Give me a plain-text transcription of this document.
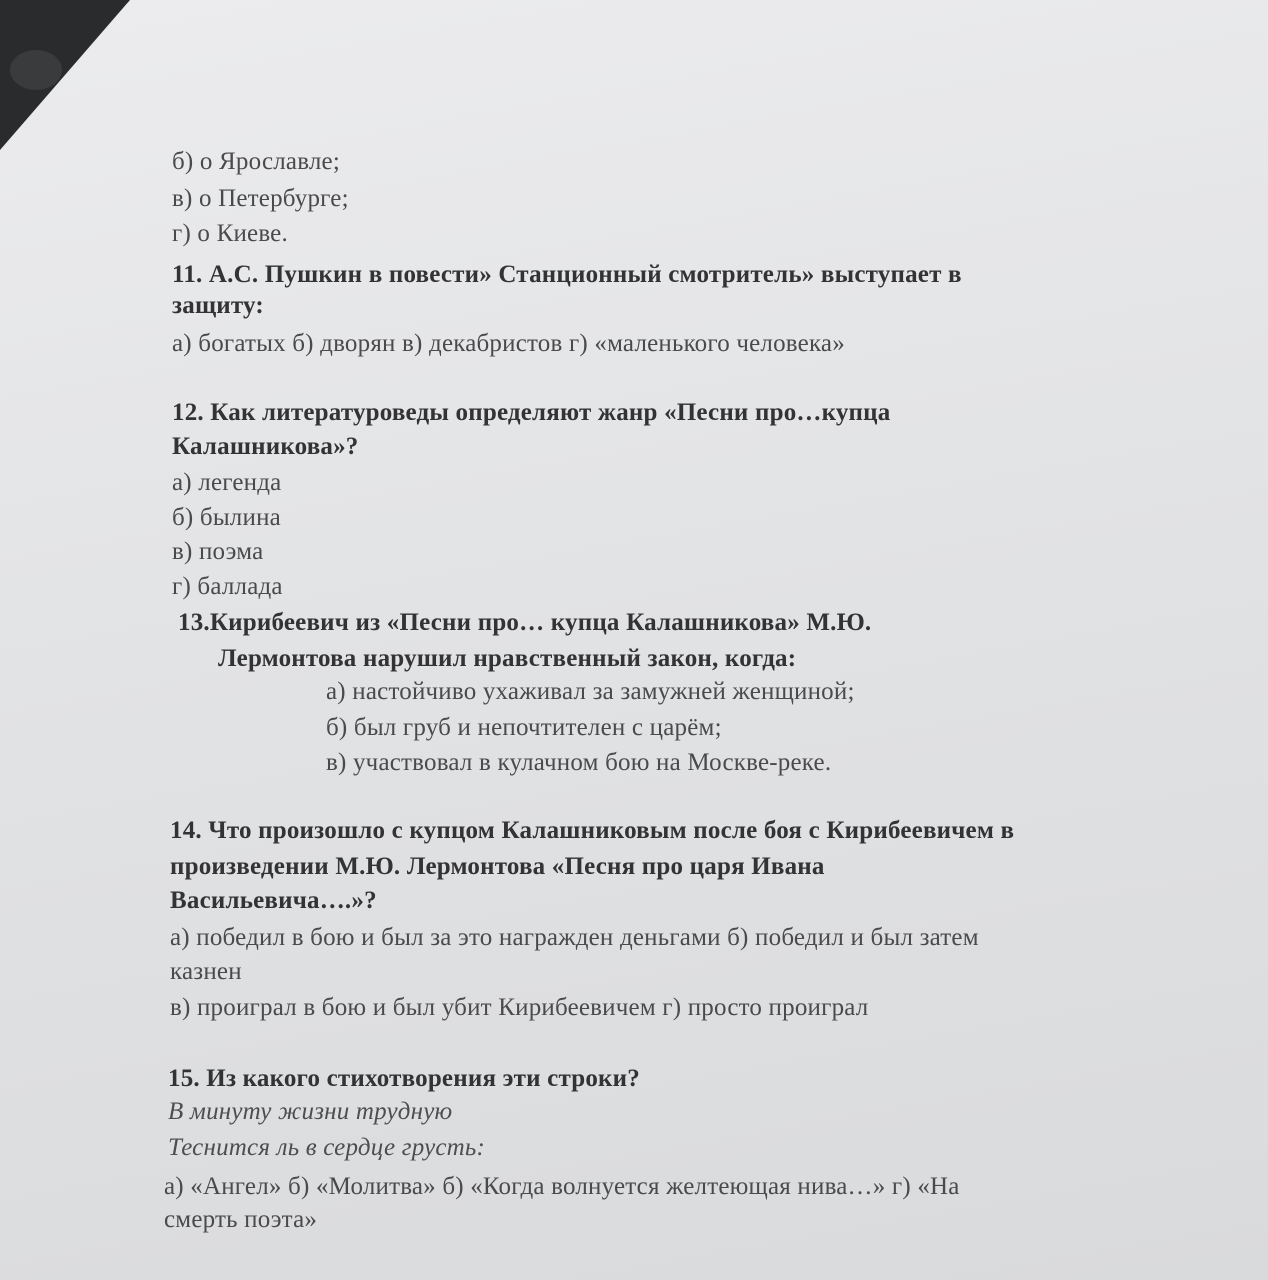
б) о Ярославле;
в) о Петербурге;
г) о Киеве.
11. А.С. Пушкин в повести» Станционный смотритель» выступает в
защиту:
а) богатых б) дворян в) декабристов г) «маленького человека»
12. Как литературоведы определяют жанр «Песни про…купца
Калашникова»?
а) легенда
б) былина
в) поэма
г) баллада
13.Кирибеевич из «Песни про… купца Калашникова» М.Ю.
Лермонтова нарушил нравственный закон, когда:
а) настойчиво ухаживал за замужней женщиной;
б) был груб и непочтителен с царём;
в) участвовал в кулачном бою на Москве-реке.
14. Что произошло с купцом Калашниковым после боя с Кирибеевичем в
произведении М.Ю. Лермонтова «Песня про царя Ивана
Васильевича….»?
а) победил в бою и был за это награжден деньгами б) победил и был затем
казнен
в) проиграл в бою и был убит Кирибеевичем г) просто проиграл
15. Из какого стихотворения эти строки?
В минуту жизни трудную
Теснится ль в сердце грусть:
а) «Ангел» б) «Молитва» б) «Когда волнуется желтеющая нива…» г) «На
смерть поэта»
